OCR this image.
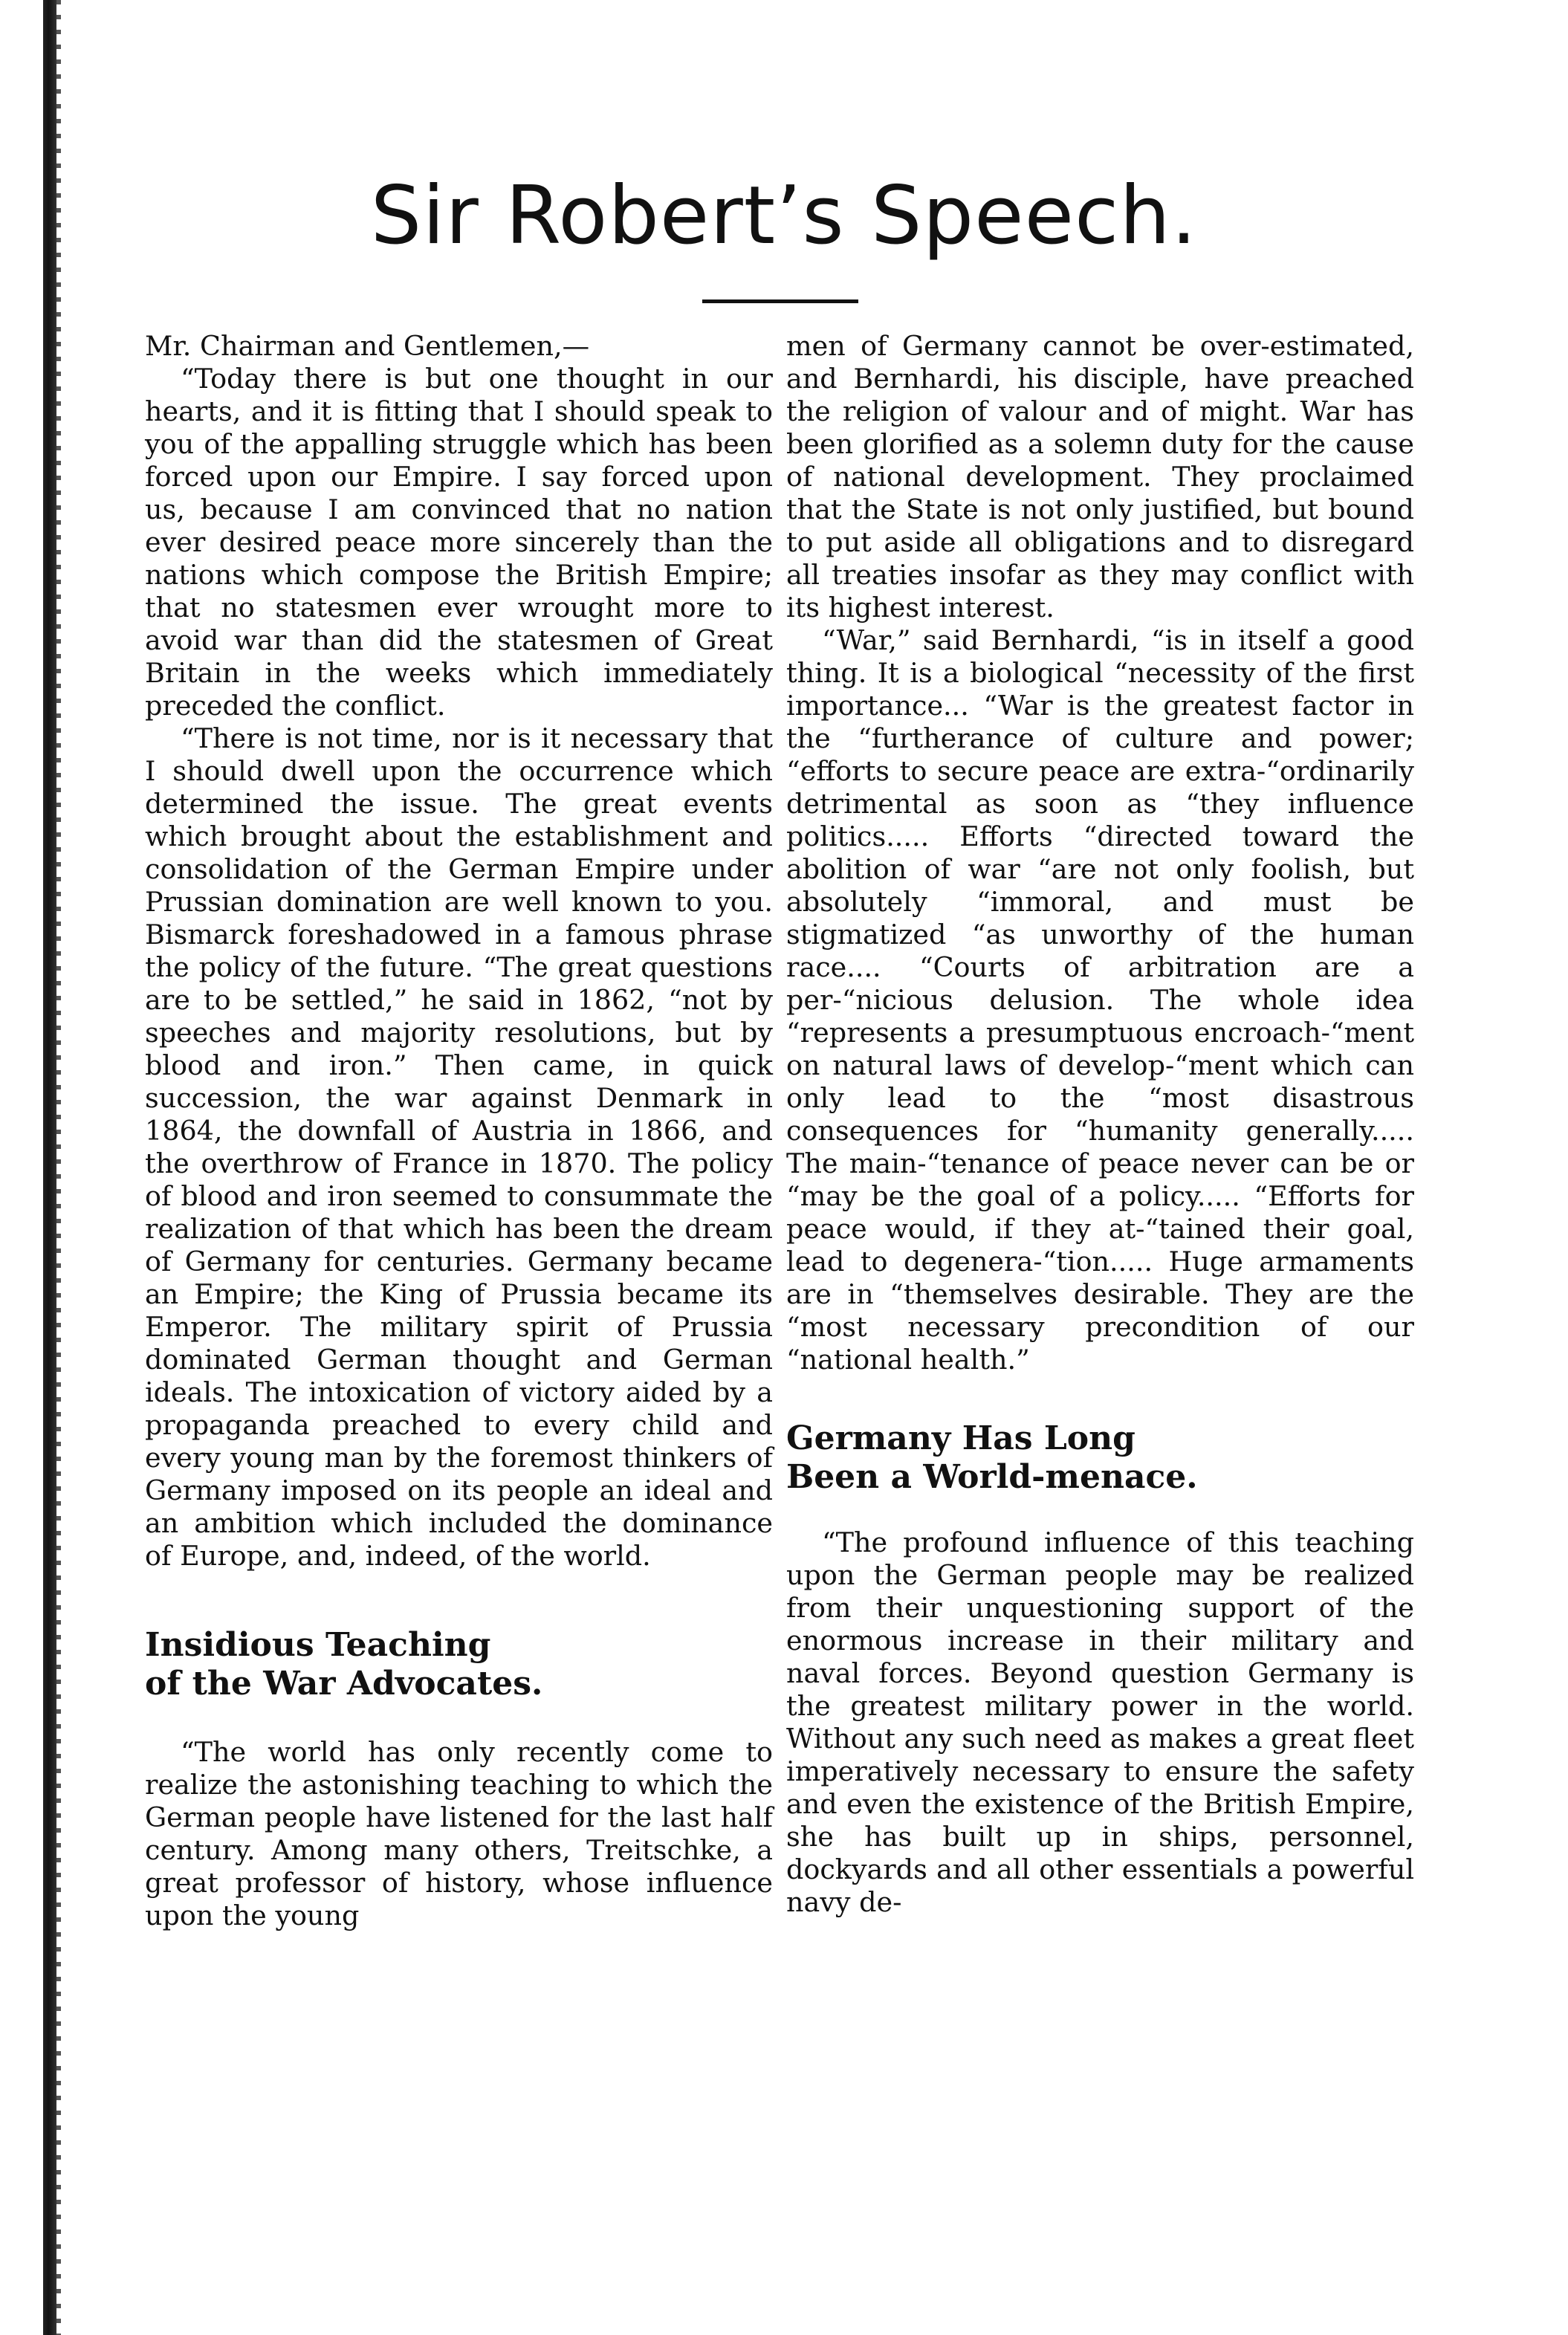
Sir Robert’s Speech.

Mr. Chairman and Gentlemen,—

“Today there is but one thought in our hearts, and it is fitting that I should speak to you of the appalling struggle which has been forced upon our Empire. I say forced upon us, because I am convinced that no nation ever desired peace more sincerely than the nations which compose the British Empire; that no statesmen ever wrought more to avoid war than did the statesmen of Great Britain in the weeks which immediately preceded the conflict.

“There is not time, nor is it necessary that I should dwell upon the occurrence which determined the issue. The great events which brought about the establishment and consolidation of the German Empire under Prussian domination are well known to you. Bismarck foreshadowed in a famous phrase the policy of the future. “The great questions are to be settled,” he said in 1862, “not by speeches and majority resolutions, but by blood and iron.” Then came, in quick succession, the war against Denmark in 1864, the downfall of Austria in 1866, and the overthrow of France in 1870. The policy of blood and iron seemed to consummate the realization of that which has been the dream of Germany for centuries. Germany became an Empire; the King of Prussia became its Emperor. The military spirit of Prussia dominated German thought and German ideals. The intoxication of victory aided by a propaganda preached to every child and every young man by the foremost thinkers of Germany imposed on its people an ideal and an ambition which included the dominance of Europe, and, indeed, of the world.

Insidious Teaching
of the War Advocates.

“The world has only recently come to realize the astonishing teaching to which the German people have listened for the last half century. Among many others, Treitschke, a great professor of history, whose influence upon the young

men of Germany cannot be over-estimated, and Bernhardi, his disciple, have preached the religion of valour and of might. War has been glorified as a solemn duty for the cause of national development. They proclaimed that the State is not only justified, but bound to put aside all obligations and to disregard all treaties insofar as they may conflict with its highest interest.

“War,” said Bernhardi, “is in itself a good thing. It is a biological “necessity of the first importance... “War is the greatest factor in the “furtherance of culture and power; “efforts to secure peace are extra-“ordinarily detrimental as soon as “they influence politics..... Efforts “directed toward the abolition of war “are not only foolish, but absolutely “immoral, and must be stigmatized “as unworthy of the human race.... “Courts of arbitration are a per-“nicious delusion. The whole idea “represents a presumptuous encroach-“ment on natural laws of develop-“ment which can only lead to the “most disastrous consequences for “humanity generally..... The main-“tenance of peace never can be or “may be the goal of a policy..... “Efforts for peace would, if they at-“tained their goal, lead to degenera-“tion..... Huge armaments are in “themselves desirable. They are the “most necessary precondition of our “national health.”

Germany Has Long
Been a World-menace.

“The profound influence of this teaching upon the German people may be realized from their unquestioning support of the enormous increase in their military and naval forces. Beyond question Germany is the greatest military power in the world. Without any such need as makes a great fleet imperatively necessary to ensure the safety and even the existence of the British Empire, she has built up in ships, personnel, dockyards and all other essentials a powerful navy de-
